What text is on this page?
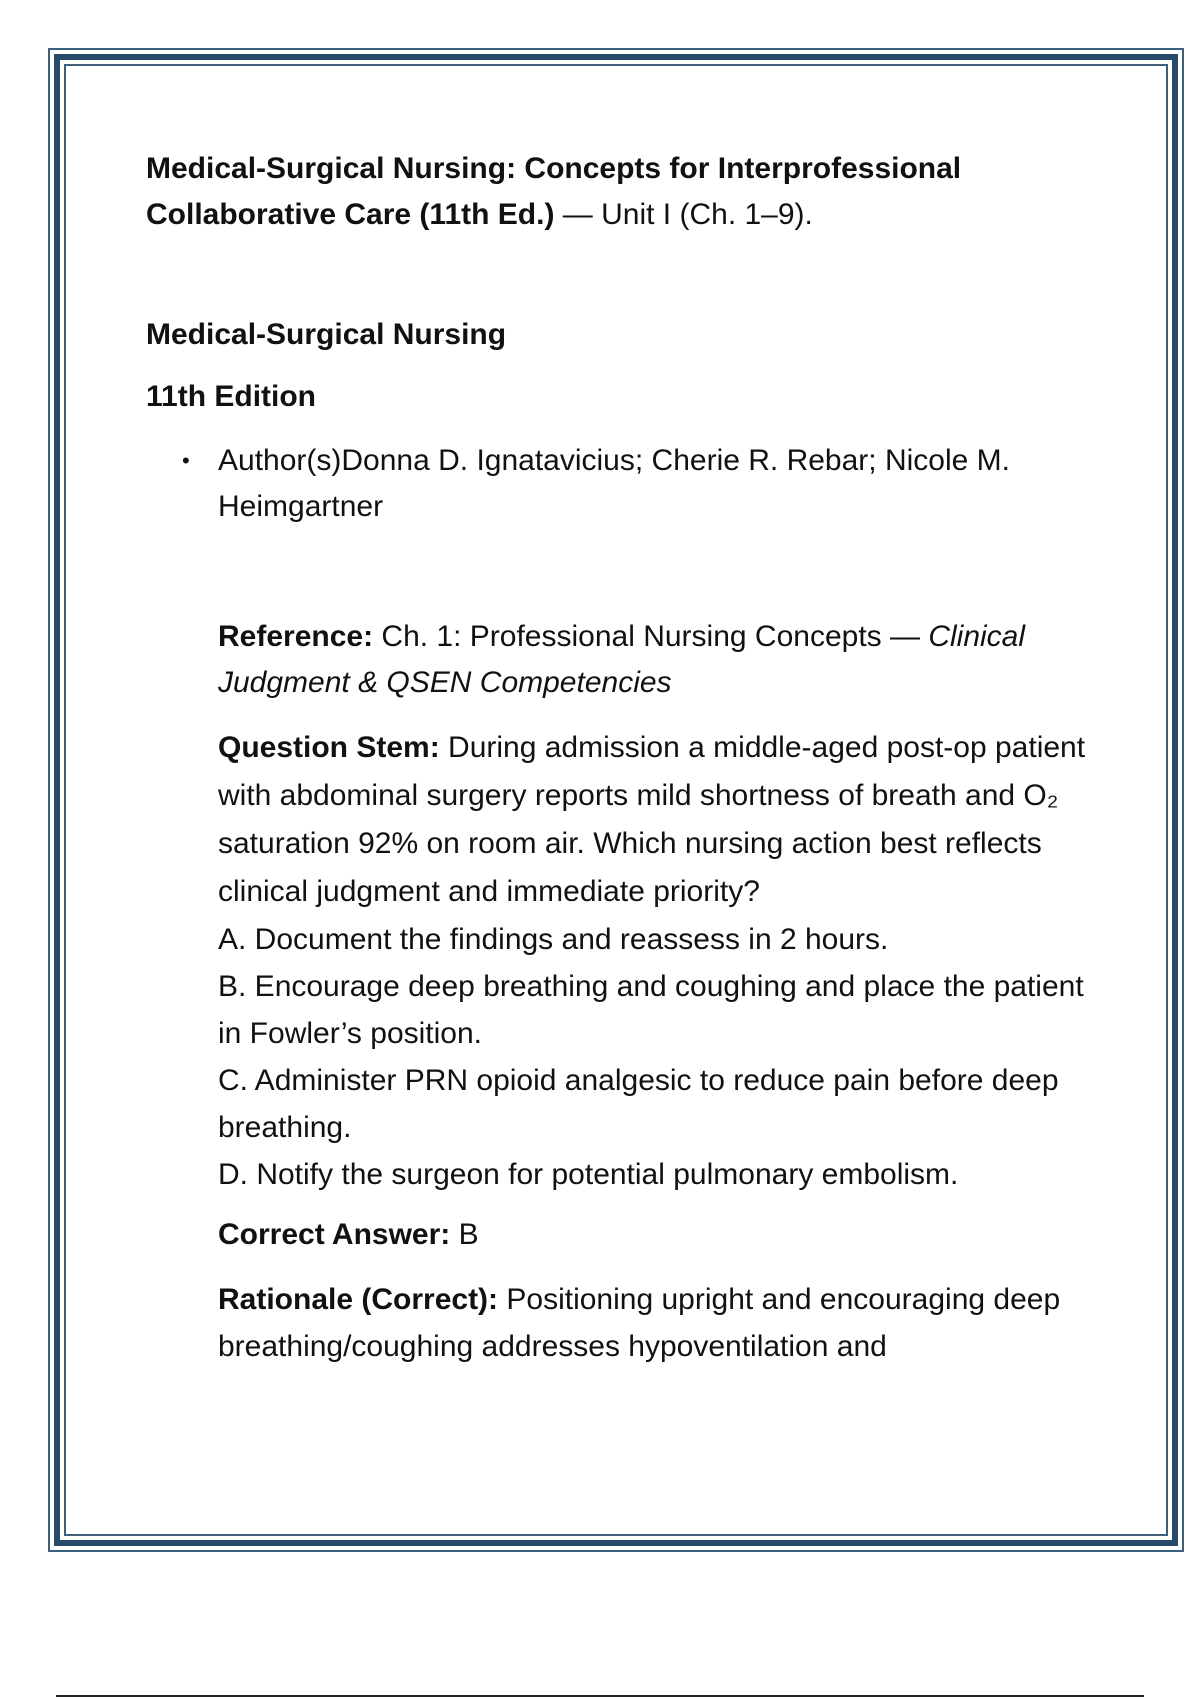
Medical-Surgical Nursing: Concepts for Interprofessional Collaborative Care (11th Ed.) — Unit I (Ch. 1–9).
Medical-Surgical Nursing
11th Edition
• Author(s)Donna D. Ignatavicius; Cherie R. Rebar; Nicole M. Heimgartner
Reference: Ch. 1: Professional Nursing Concepts — Clinical Judgment & QSEN Competencies
Question Stem: During admission a middle-aged post-op patient with abdominal surgery reports mild shortness of breath and O₂ saturation 92% on room air. Which nursing action best reflects clinical judgment and immediate priority?
A. Document the findings and reassess in 2 hours.
B. Encourage deep breathing and coughing and place the patient in Fowler’s position.
C. Administer PRN opioid analgesic to reduce pain before deep breathing.
D. Notify the surgeon for potential pulmonary embolism.
Correct Answer: B
Rationale (Correct): Positioning upright and encouraging deep breathing/coughing addresses hypoventilation and
